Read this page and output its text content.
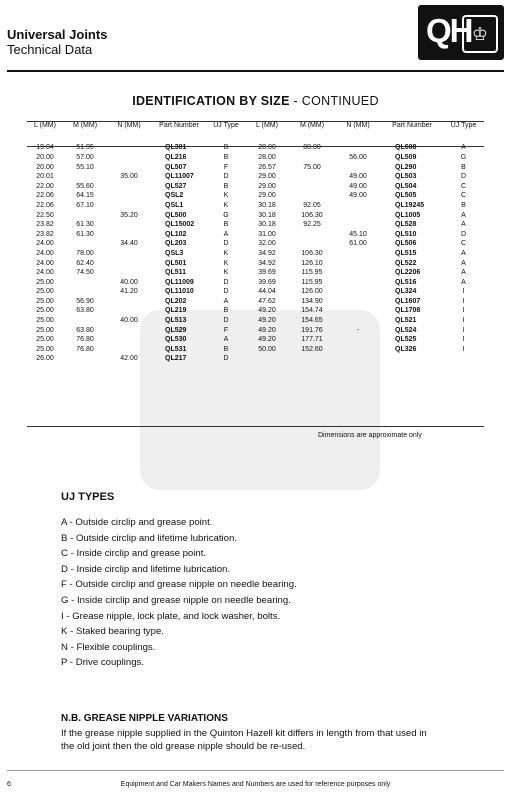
Universal Joints
Technical Data
QH ♔
IDENTIFICATION BY SIZE - CONTINUED
L (MM)	M (MM)	N (MM)	Part Number	UJ Type	L (MM)	M (MM)	N (MM)	Part Number	UJ Type
19.04	51.95		QL301	B	28.00	80.00		QL608	A
20.00	57.00		QL216	B	28.00		56.00	QL509	G
20.00	55.10		QL507	F	26.57	75.00		QL290	B
20.01		35.00	QL11007	D	29.00		49.00	QL503	D
22.00	55.60		QL527	B	29.00		49.00	QL504	C
22.06	64.15		QSL2	K	29.00		49.00	QL505	C
22.06	67.10		QSL1	K	30.18	92.05		QL19245	B
22.50		35.20	QL500	G	30.18	106.30		QL1005	A
23.82	61.30		QL15002	B	30.18	92.25		QL528	A
23.82	61.30		QL102	A	31.00		45.10	QL510	D
24.00		34.40	QL203	D	32.00		61.00	QL506	C
24.00	78.00		QSL3	K	34.92	106.30		QL515	A
24.00	62.40		QL501	K	34.92	126.10		QL522	A
24.00	74.50		QL511	K	39.69	115.95		QL2206	A
25.00		40.00	QL11009	D	39.69	115.95		QL516	A
25.00		41.20	QL11010	D	44.04	126.00		QL324	I
25.00	56.90		QL202	A	47.62	134.90		QL1607	I
25.00	63.80		QL219	B	49.20	154.74		QL1708	I
25.00		40.00	QL513	D	49.20	154.65		QL521	I
25.00	63.80		QL529	F	49.20	191.76	-	QL524	I
25.00	76.80		QL530	A	49.20	177.71		QL525	I
25.00	76.80		QL531	B	50.00	152.60		QL326	I
26.00		42.00	QL217	D					
Dimensions are approximate only
UJ TYPES
A - Outside circlip and grease point.
B - Outside circlip and lifetime lubrication.
C - Inside circlip and grease point.
D - Inside circlip and lifetime lubrication.
F - Outside circlip and grease nipple on needle bearing.
G - Inside circlip and grease nipple on needle bearing.
I - Grease nipple, lock plate, and lock washer, bolts.
K - Staked bearing type.
N - Flexible couplings.
P - Drive couplings.
N.B. GREASE NIPPLE VARIATIONS
If the grease nipple supplied in the Quinton Hazell kit differs in length from that used in the old joint then the old grease nipple should be re-used.
6	Equipment and Car Makers Names and Numbers are used for reference purposes only
